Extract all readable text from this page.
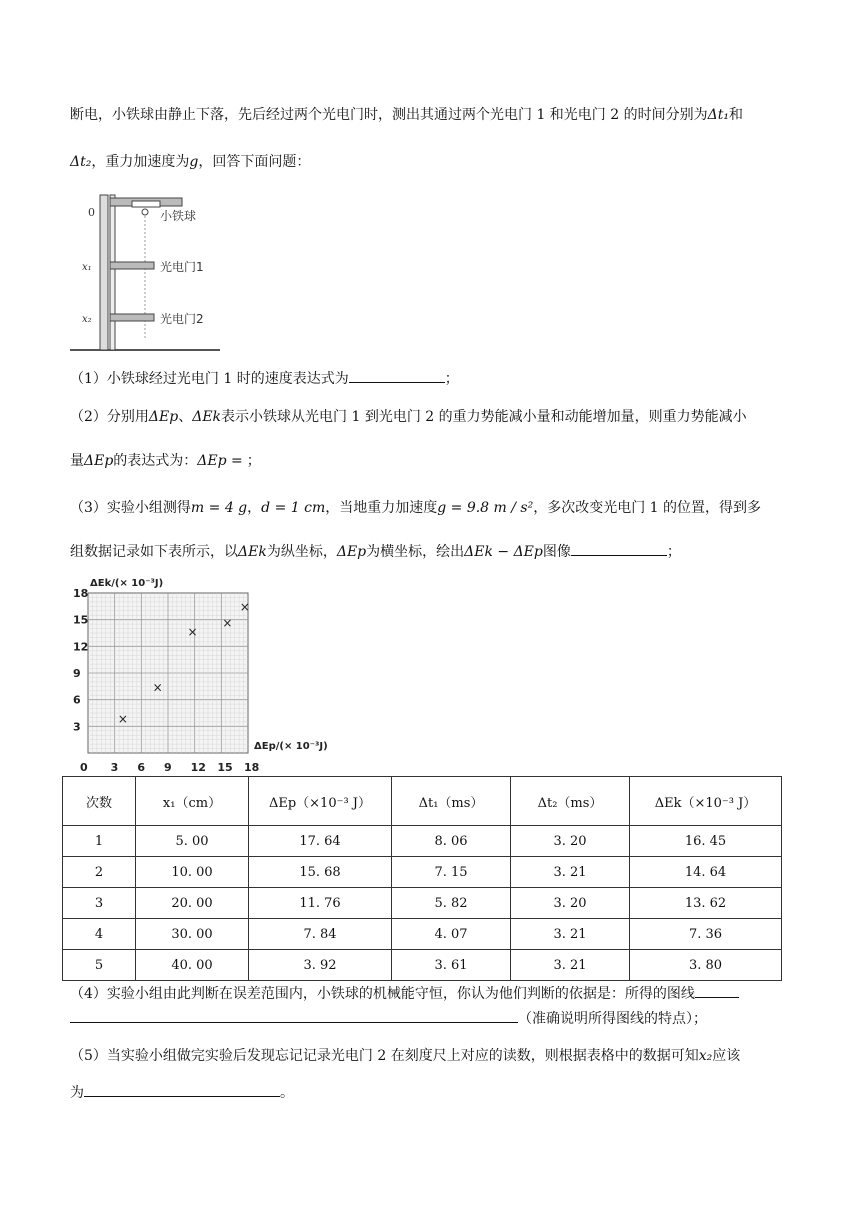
断电，小铁球由静止下落，先后经过两个光电门时，测出其通过两个光电门 1 和光电门 2 的时间分别为Δt₁和
Δt₂，重力加速度为g，回答下面问题：
0
x₁
x₂
小铁球
光电门1
光电门2
（1）小铁球经过光电门 1 时的速度表达式为	；
（2）分别用ΔEp、ΔEk表示小铁球从光电门 1 到光电门 2 的重力势能减小量和动能增加量，则重力势能减小
量ΔEp的表达式为：ΔEp = ；
（3）实验小组测得m = 4 g，d = 1 cm，当地重力加速度g = 9.8 m / s²，多次改变光电门 1 的位置，得到多
组数据记录如下表所示，以ΔEk为纵坐标，ΔEp为横坐标，绘出ΔEk − ΔEp图像	；
3 6 9 12 15 18
3
6
9
12
15
18
×
×
×
×
×
ΔEk/(× 10⁻³J)
ΔEp/(× 10⁻³J)
0
次数	x₁（cm）	ΔEp（×10⁻³ J）	Δt₁（ms）	Δt₂（ms）	ΔEk（×10⁻³ J）
1	5. 00	17. 64	8. 06	3. 20	16. 45
2	10. 00	15. 68	7. 15	3. 21	14. 64
3	20. 00	11. 76	5. 82	3. 20	13. 62
4	30. 00	7. 84	4. 07	3. 21	7. 36
5	40. 00	3. 92	3. 61	3. 21	3. 80
（4）实验小组由此判断在误差范围内，小铁球的机械能守恒，你认为他们判断的依据是：所得的图线
（准确说明所得图线的特点）；
（5）当实验小组做完实验后发现忘记记录光电门 2 在刻度尺上对应的读数，则根据表格中的数据可知x₂应该
为	。
